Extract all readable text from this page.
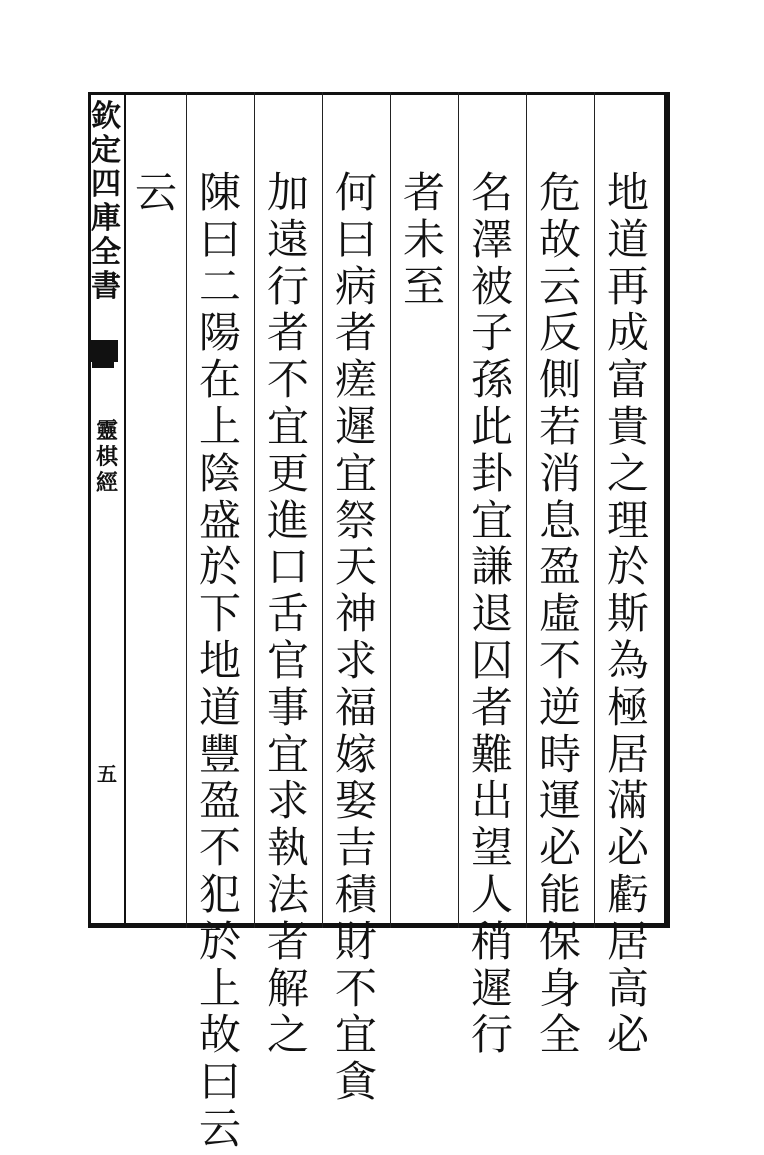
欽
定
四
庫
全
書
靈
棋
經
五
地
道
再
成
富
貴
之
理
於
斯
為
極
居
滿
必
虧
居
高
必
危
故
云
反
側
若
消
息
盈
虛
不
逆
時
運
必
能
保
身
全
名
澤
被
子
孫
此
卦
宜
謙
退
囚
者
難
出
望
人
稍
遲
行
者
未
至
何
曰
病
者
瘥
遲
宜
祭
天
神
求
福
嫁
娶
吉
積
財
不
宜
貪
加
遠
行
者
不
宜
更
進
口
舌
官
事
宜
求
執
法
者
解
之
陳
曰
二
陽
在
上
陰
盛
於
下
地
道
豐
盈
不
犯
於
上
故
曰
云
云
